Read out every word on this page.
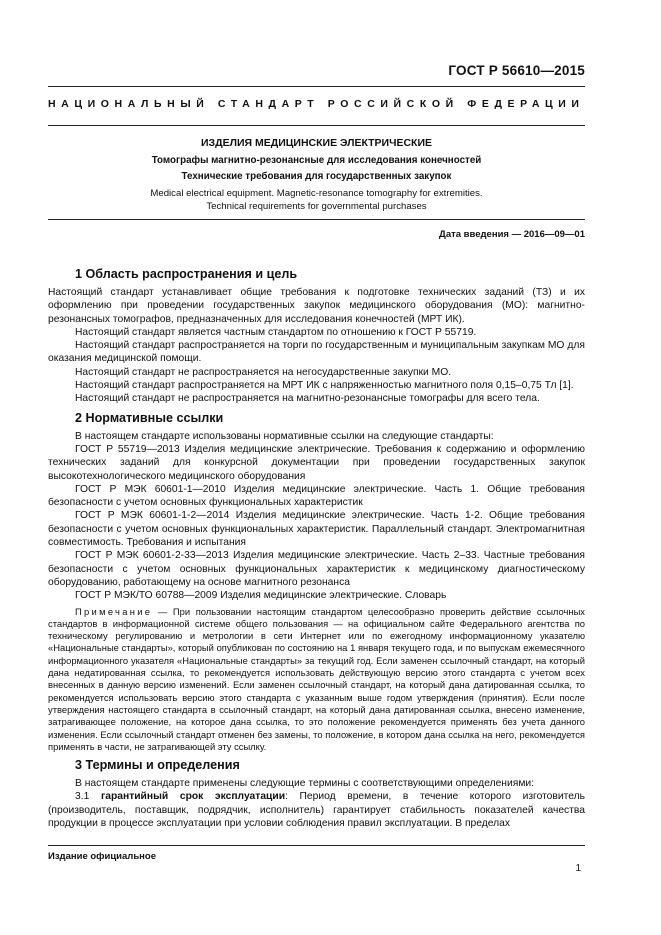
ГОСТ Р 56610—2015
НАЦИОНАЛЬНЫЙ СТАНДАРТ РОССИЙСКОЙ ФЕДЕРАЦИИ
ИЗДЕЛИЯ МЕДИЦИНСКИЕ ЭЛЕКТРИЧЕСКИЕ
Томографы магнитно-резонансные для исследования конечностей
Технические требования для государственных закупок
Medical electrical equipment. Magnetic-resonance tomography for extremities.
Technical requirements for governmental purchases
Дата введения — 2016—09—01
1 Область распространения и цель

Настоящий стандарт устанавливает общие требования к подготовке технических заданий (ТЗ) и их оформлению при проведении государственных закупок медицинского оборудования (МО): магнитно-резонансных томографов, предназначенных для исследования конечностей (МРТ ИК).

Настоящий стандарт является частным стандартом по отношению к ГОСТ Р 55719.

Настоящий стандарт распространяется на торги по государственным и муниципальным закупкам МО для оказания медицинской помощи.

Настоящий стандарт не распространяется на негосударственные закупки МО.

Настоящий стандарт распространяется на МРТ ИК с напряженностью магнитного поля 0,15–0,75 Тл [1].

Настоящий стандарт не распространяется на магнитно-резонансные томографы для всего тела.

2 Нормативные ссылки

В настоящем стандарте использованы нормативные ссылки на следующие стандарты:

ГОСТ Р 55719—2013 Изделия медицинские электрические. Требования к содержанию и оформлению технических заданий для конкурсной документации при проведении государственных закупок высокотехнологического медицинского оборудования

ГОСТ Р МЭК 60601-1—2010 Изделия медицинские электрические. Часть 1. Общие требования безопасности с учетом основных функциональных характеристик

ГОСТ Р МЭК 60601-1-2—2014 Изделия медицинские электрические. Часть 1-2. Общие требования безопасности с учетом основных функциональных характеристик. Параллельный стандарт. Электромагнитная совместимость. Требования и испытания

ГОСТ Р МЭК 60601-2-33—2013 Изделия медицинские электрические. Часть 2–33. Частные требования безопасности с учетом основных функциональных характеристик к медицинскому диагностическому оборудованию, работающему на основе магнитного резонанса

ГОСТ Р МЭК/ТО 60788—2009 Изделия медицинские электрические. Словарь

Примечание — При пользовании настоящим стандартом целесообразно проверить действие ссылочных стандартов в информационной системе общего пользования — на официальном сайте Федерального агентства по техническому регулированию и метрологии в сети Интернет или по ежегодному информационному указателю «Национальные стандарты», который опубликован по состоянию на 1 января текущего года, и по выпускам ежемесячного информационного указателя «Национальные стандарты» за текущий год. Если заменен ссылочный стандарт, на который дана недатированная ссылка, то рекомендуется использовать действующую версию этого стандарта с учетом всех внесенных в данную версию изменений. Если заменен ссылочный стандарт, на который дана датированная ссылка, то рекомендуется использовать версию этого стандарта с указанным выше годом утверждения (принятия). Если после утверждения настоящего стандарта в ссылочный стандарт, на который дана датированная ссылка, внесено изменение, затрагивающее положение, на которое дана ссылка, то это положение рекомендуется применять без учета данного изменения. Если ссылочный стандарт отменен без замены, то положение, в котором дана ссылка на него, рекомендуется применять в части, не затрагивающей эту ссылку.

3 Термины и определения

В настоящем стандарте применены следующие термины с соответствующими определениями:

3.1 гарантийный срок эксплуатации: Период времени, в течение которого изготовитель (производитель, поставщик, подрядчик, исполнитель) гарантирует стабильность показателей качества продукции в процессе эксплуатации при условии соблюдения правил эксплуатации. В пределах

Издание официальное
1
